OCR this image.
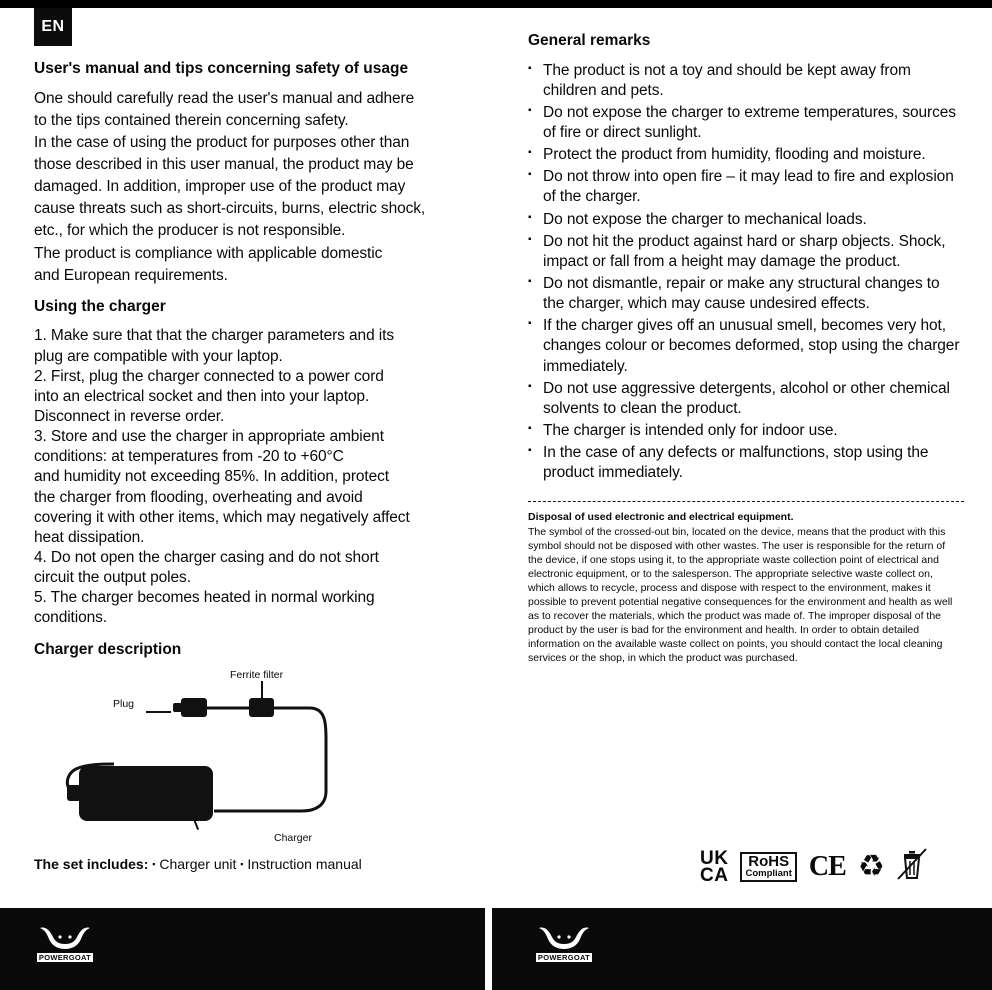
EN
User's manual and tips concerning safety of usage

One should carefully read the user's manual and adhere

to the tips contained therein concerning safety.

In the case of using the product for purposes other than

those described in this user manual, the product may be

damaged. In addition, improper use of the product may

cause threats such as short-circuits, burns, electric shock,

etc., for which the producer is not responsible.

The product is compliance with applicable domestic

and European requirements.

Using the charger

1. Make sure that that the charger parameters and its

plug are compatible with your laptop.

2. First, plug the charger connected to a power cord

into an electrical socket and then into your laptop.

Disconnect in reverse order.

3. Store and use the charger in appropriate ambient

conditions: at temperatures from -20 to +60°C

and humidity not exceeding 85%. In addition, protect

the charger from flooding, overheating and avoid

covering it with other items, which may negatively affect

heat dissipation.

4. Do not open the charger casing and do not short

circuit the output poles.

5. The charger becomes heated in normal working

conditions.

Charger description
Ferrite filter
Plug
Charger
General remarks
▪ The product is not a toy and should be kept away from children and pets.
▪ Do not expose the charger to extreme temperatures, sources of fire or direct sunlight.
▪ Protect the product from humidity, flooding and moisture.
▪ Do not throw into open fire – it may lead to fire and explosion of the charger.
▪ Do not expose the charger to mechanical loads.
▪ Do not hit the product against hard or sharp objects. Shock, impact or fall from a height may damage the product.
▪ Do not dismantle, repair or make any structural changes to the charger, which may cause undesired effects.
▪ If the charger gives off an unusual smell, becomes very hot, changes colour or becomes deformed, stop using the charger immediately.
▪ Do not use aggressive detergents, alcohol or other chemical solvents to clean the product.
▪ The charger is intended only for indoor use.
▪ In the case of any defects or malfunctions, stop using the product immediately.
Disposal of used electronic and electrical equipment.
The symbol of the crossed-out bin, located on the device, means that the product with this symbol should not be disposed with other wastes. The user is responsible for the return of the device, if one stops using it, to the appropriate waste collection point of electrical and electronic equipment, or to the salesperson. The appropriate selective waste collect on, which allows to recycle, process and dispose with respect to the environment, makes it possible to prevent potential negative consequences for the environment and health as well as to recover the materials, which the product was made of. The improper disposal of the product by the user is bad for the environment and health. In order to obtain detailed information on the available waste collect on points, you should contact the local cleaning services or the shop, in which the product was purchased.
The set includes: ▪ Charger unit ▪ Instruction manual	UK
CA
RoHS
Compliant CE ♻
POWERGOAT	POWERGOAT
